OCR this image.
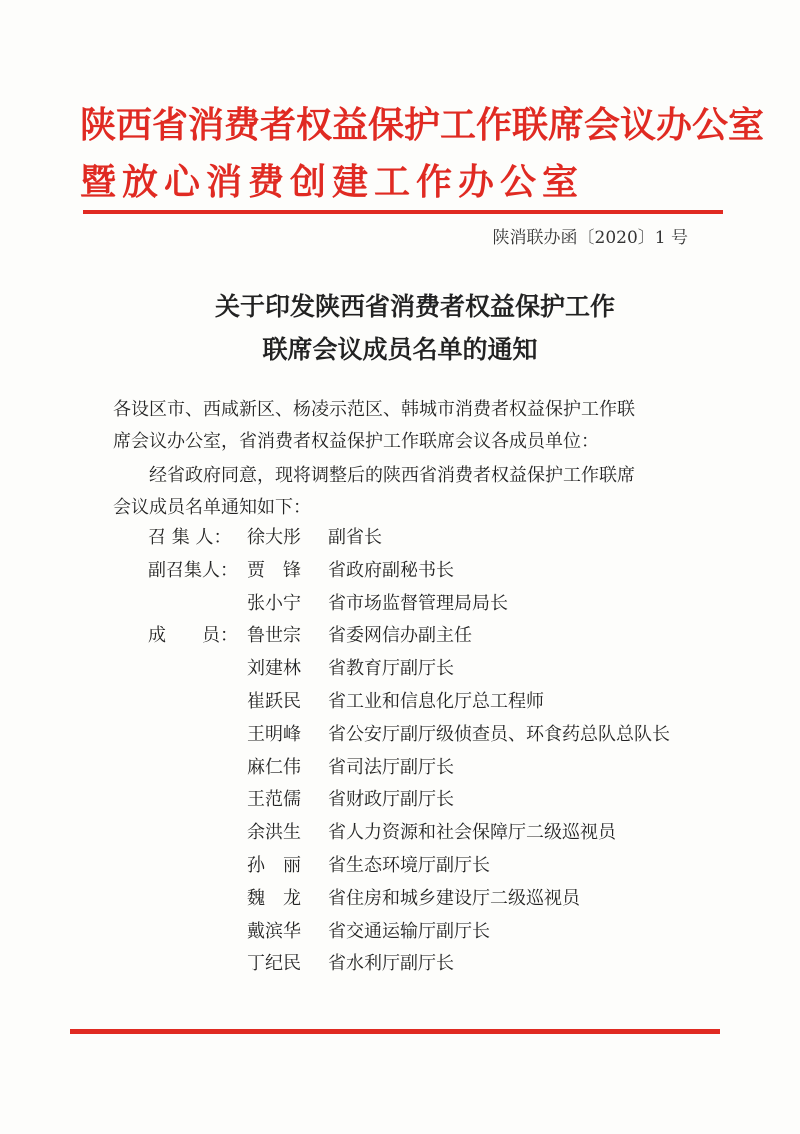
陕西省消费者权益保护工作联席会议办公室
暨放心消费创建工作办公室
陕消联办函〔2020〕1 号
关于印发陕西省消费者权益保护工作
联席会议成员名单的通知
各设区市、西咸新区、杨凌示范区、韩城市消费者权益保护工作联
席会议办公室，省消费者权益保护工作联席会议各成员单位：
经省政府同意，现将调整后的陕西省消费者权益保护工作联席
会议成员名单通知如下：
召 集 人： 徐大彤	副省长
副召集人： 贾　锋	省政府副秘书长
张小宁	省市场监督管理局局长
成　　员： 鲁世宗	省委网信办副主任
刘建林	省教育厅副厅长
崔跃民	省工业和信息化厅总工程师
王明峰	省公安厅副厅级侦查员、环食药总队总队长
麻仁伟	省司法厅副厅长
王范儒	省财政厅副厅长
余洪生	省人力资源和社会保障厅二级巡视员
孙　丽	省生态环境厅副厅长
魏　龙	省住房和城乡建设厅二级巡视员
戴滨华	省交通运输厅副厅长
丁纪民	省水利厅副厅长
